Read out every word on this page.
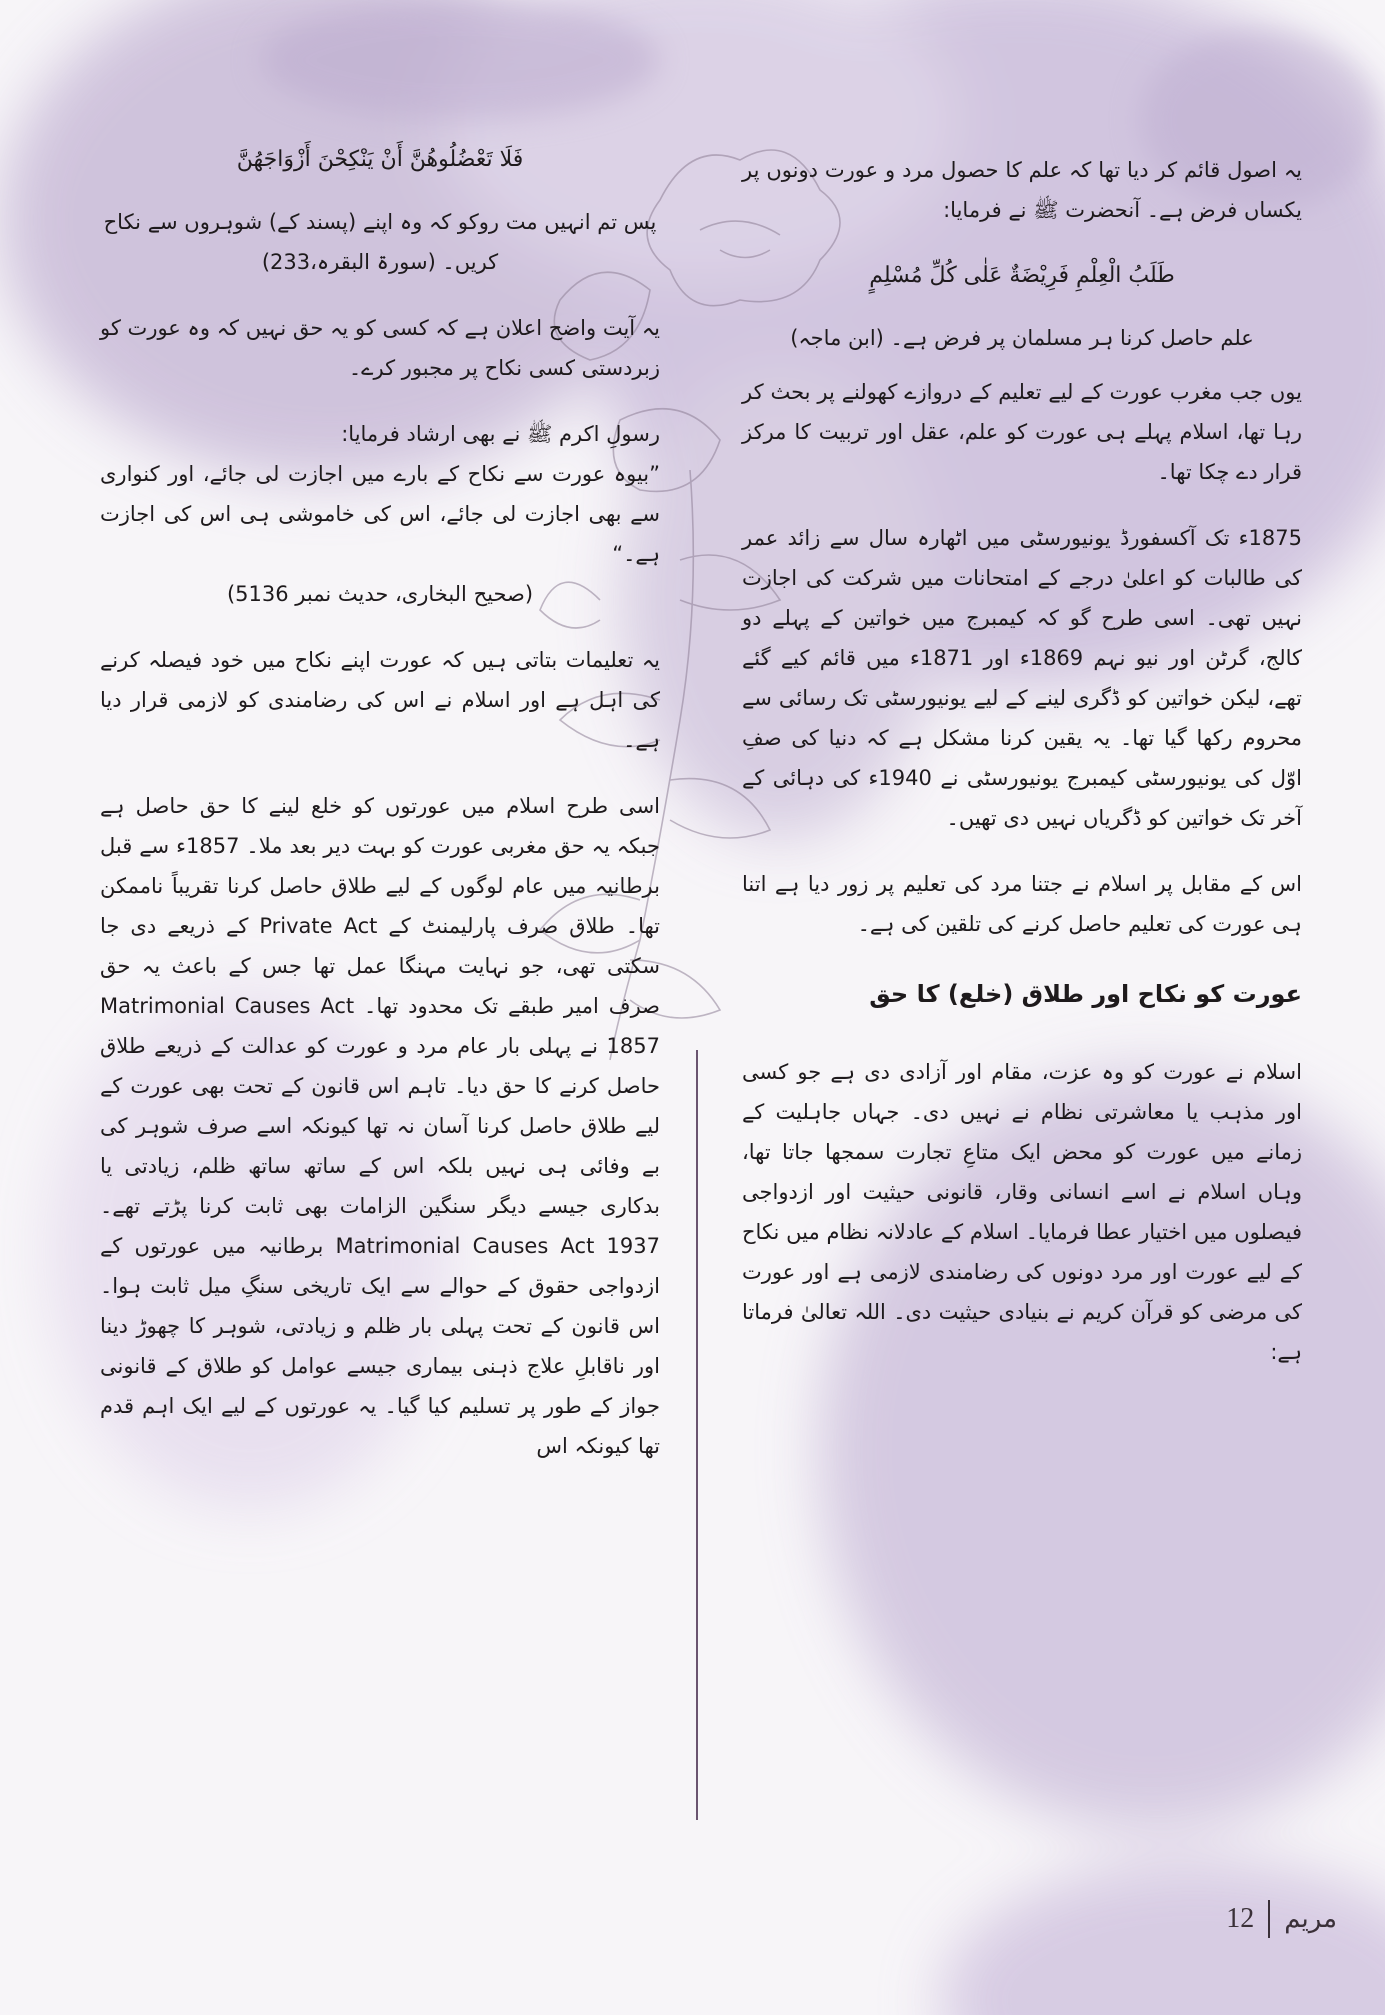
یہ اصول قائم کر دیا تھا کہ علم کا حصول مرد و عورت دونوں پر یکساں فرض ہے۔ آنحضرت ﷺ نے فرمایا:

طَلَبُ الْعِلْمِ فَرِيْضَةٌ عَلٰى كُلِّ مُسْلِمٍ
علم حاصل کرنا ہر مسلمان پر فرض ہے۔ (ابن ماجہ)

یوں جب مغرب عورت کے لیے تعلیم کے دروازے کھولنے پر بحث کر رہا تھا، اسلام پہلے ہی عورت کو علم، عقل اور تربیت کا مرکز قرار دے چکا تھا۔

1875ء تک آکسفورڈ یونیورسٹی میں اٹھارہ سال سے زائد عمر کی طالبات کو اعلیٰ درجے کے امتحانات میں شرکت کی اجازت نہیں تھی۔ اسی طرح گو کہ کیمبرج میں خواتین کے پہلے دو کالج، گرٹن اور نیو نہم 1869ء اور 1871ء میں قائم کیے گئے تھے، لیکن خواتین کو ڈگری لینے کے لیے یونیورسٹی تک رسائی سے محروم رکھا گیا تھا۔ یہ یقین کرنا مشکل ہے کہ دنیا کی صفِ اوّل کی یونیورسٹی کیمبرج یونیورسٹی نے 1940ء کی دہائی کے آخر تک خواتین کو ڈگریاں نہیں دی تھیں۔

اس کے مقابل پر اسلام نے جتنا مرد کی تعلیم پر زور دیا ہے اتنا ہی عورت کی تعلیم حاصل کرنے کی تلقین کی ہے۔

عورت کو نکاح اور طلاق (خلع) کا حق

اسلام نے عورت کو وہ عزت، مقام اور آزادی دی ہے جو کسی اور مذہب یا معاشرتی نظام نے نہیں دی۔ جہاں جاہلیت کے زمانے میں عورت کو محض ایک متاعِ تجارت سمجھا جاتا تھا، وہاں اسلام نے اسے انسانی وقار، قانونی حیثیت اور ازدواجی فیصلوں میں اختیار عطا فرمایا۔ اسلام کے عادلانہ نظام میں نکاح کے لیے عورت اور مرد دونوں کی رضامندی لازمی ہے اور عورت کی مرضی کو قرآن کریم نے بنیادی حیثیت دی۔ اللہ تعالیٰ فرماتا ہے:

فَلَا تَعْضُلُوهُنَّ أَنْ يَنْكِحْنَ أَزْوَاجَهُنَّ

پس تم انہیں مت روکو کہ وہ اپنے (پسند کے) شوہروں سے نکاح کریں۔ (سورۃ البقرہ،233)

یہ آیت واضح اعلان ہے کہ کسی کو یہ حق نہیں کہ وہ عورت کو زبردستی کسی نکاح پر مجبور کرے۔

رسولِ اکرم ﷺ نے بھی ارشاد فرمایا:
”بیوہ عورت سے نکاح کے بارے میں اجازت لی جائے، اور کنواری سے بھی اجازت لی جائے، اس کی خاموشی ہی اس کی اجازت ہے۔“
(صحیح البخاری، حدیث نمبر 5136)

یہ تعلیمات بتاتی ہیں کہ عورت اپنے نکاح میں خود فیصلہ کرنے کی اہل ہے اور اسلام نے اس کی رضامندی کو لازمی قرار دیا ہے۔

اسی طرح اسلام میں عورتوں کو خلع لینے کا حق حاصل ہے جبکہ یہ حق مغربی عورت کو بہت دیر بعد ملا۔ 1857ء سے قبل برطانیہ میں عام لوگوں کے لیے طلاق حاصل کرنا تقریباً ناممکن تھا۔ طلاق صرف پارلیمنٹ کے Private Act کے ذریعے دی جا سکتی تھی، جو نہایت مہنگا عمل تھا جس کے باعث یہ حق صرف امیر طبقے تک محدود تھا۔ Matrimonial Causes Act 1857 نے پہلی بار عام مرد و عورت کو عدالت کے ذریعے طلاق حاصل کرنے کا حق دیا۔ تاہم اس قانون کے تحت بھی عورت کے لیے طلاق حاصل کرنا آسان نہ تھا کیونکہ اسے صرف شوہر کی بے وفائی ہی نہیں بلکہ اس کے ساتھ ساتھ ظلم، زیادتی یا بدکاری جیسے دیگر سنگین الزامات بھی ثابت کرنا پڑتے تھے۔ Matrimonial Causes Act 1937 برطانیہ میں عورتوں کے ازدواجی حقوق کے حوالے سے ایک تاریخی سنگِ میل ثابت ہوا۔ اس قانون کے تحت پہلی بار ظلم و زیادتی، شوہر کا چھوڑ دینا اور ناقابلِ علاج ذہنی بیماری جیسے عوامل کو طلاق کے قانونی جواز کے طور پر تسلیم کیا گیا۔ یہ عورتوں کے لیے ایک اہم قدم تھا کیونکہ اس

مریم
12
